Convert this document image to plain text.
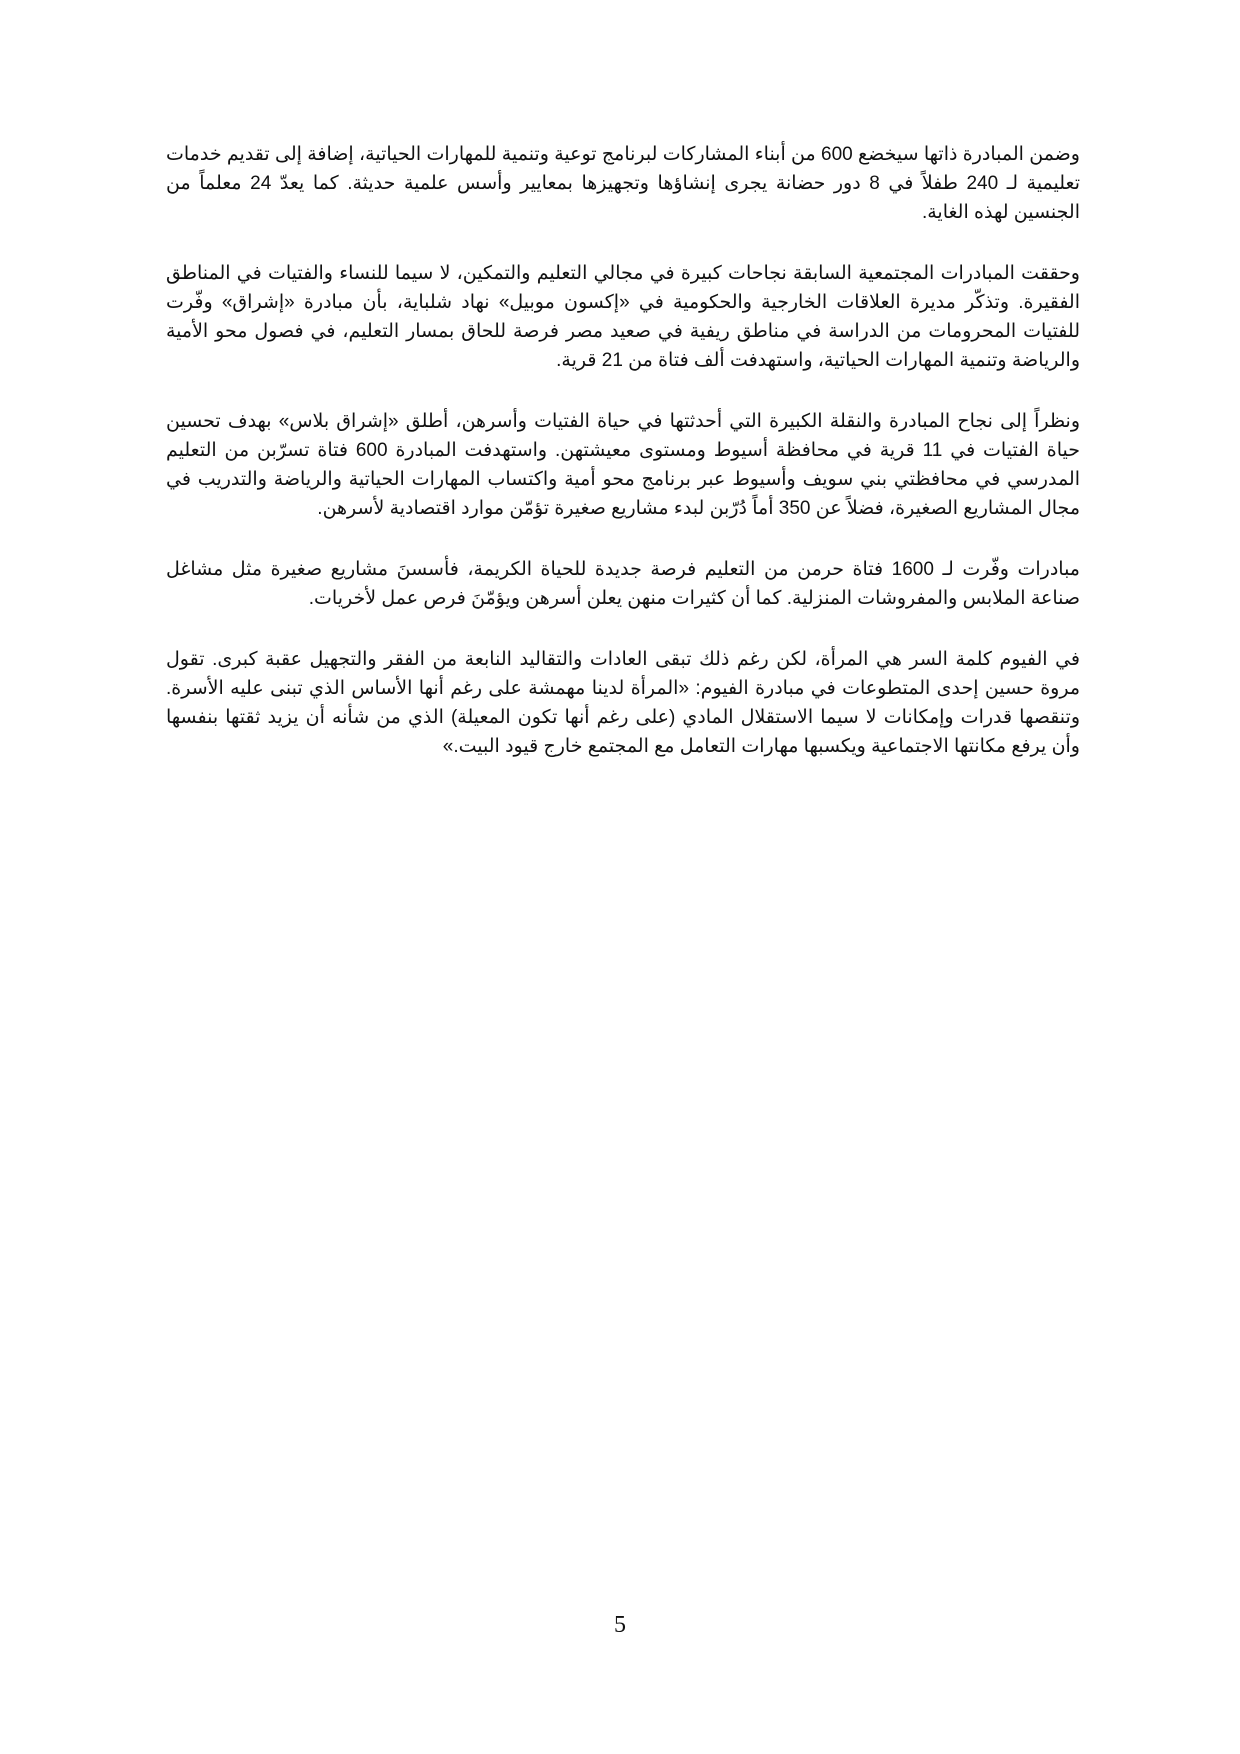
وضمن المبادرة ذاتها سيخضع 600 من أبناء المشاركات لبرنامج توعية وتنمية للمهارات الحياتية، إضافة إلى تقديم خدمات تعليمية لـ 240 طفلاً في 8 دور حضانة يجرى إنشاؤها وتجهيزها بمعايير وأسس علمية حديثة. كما يعدّ 24 معلماً من الجنسين لهذه الغاية.

وحققت المبادرات المجتمعية السابقة نجاحات كبيرة في مجالي التعليم والتمكين، لا سيما للنساء والفتيات في المناطق الفقيرة. وتذكّر مديرة العلاقات الخارجية والحكومية في «إكسون موبيل» نهاد شلباية، بأن مبادرة «إشراق» وفّرت للفتيات المحرومات من الدراسة في مناطق ريفية في صعيد مصر فرصة للحاق بمسار التعليم، في فصول محو الأمية والرياضة وتنمية المهارات الحياتية، واستهدفت ألف فتاة من 21 قرية.

ونظراً إلى نجاح المبادرة والنقلة الكبيرة التي أحدثتها في حياة الفتيات وأسرهن، أطلق «إشراق بلاس» بهدف تحسين حياة الفتيات في 11 قرية في محافظة أسيوط ومستوى معيشتهن. واستهدفت المبادرة 600 فتاة تسرّبن من التعليم المدرسي في محافظتي بني سويف وأسيوط عبر برنامج محو أمية واكتساب المهارات الحياتية والرياضة والتدريب في مجال المشاريع الصغيرة، فضلاً عن 350 أماً دُرّبن لبدء مشاريع صغيرة تؤمّن موارد اقتصادية لأسرهن.

مبادرات وفّرت لـ 1600 فتاة حرمن من التعليم فرصة جديدة للحياة الكريمة، فأسسنَ مشاريع صغيرة مثل مشاغل صناعة الملابس والمفروشات المنزلية. كما أن كثيرات منهن يعلن أسرهن ويؤمّنَ فرص عمل لأخريات.

في الفيوم كلمة السر هي المرأة، لكن رغم ذلك تبقى العادات والتقاليد النابعة من الفقر والتجهيل عقبة كبرى. تقول مروة حسين إحدى المتطوعات في مبادرة الفيوم: «المرأة لدينا مهمشة على رغم أنها الأساس الذي تبنى عليه الأسرة. وتنقصها قدرات وإمكانات لا سيما الاستقلال المادي (على رغم أنها تكون المعيلة) الذي من شأنه أن يزيد ثقتها بنفسها وأن يرفع مكانتها الاجتماعية ويكسبها مهارات التعامل مع المجتمع خارج قيود البيت.»

5
